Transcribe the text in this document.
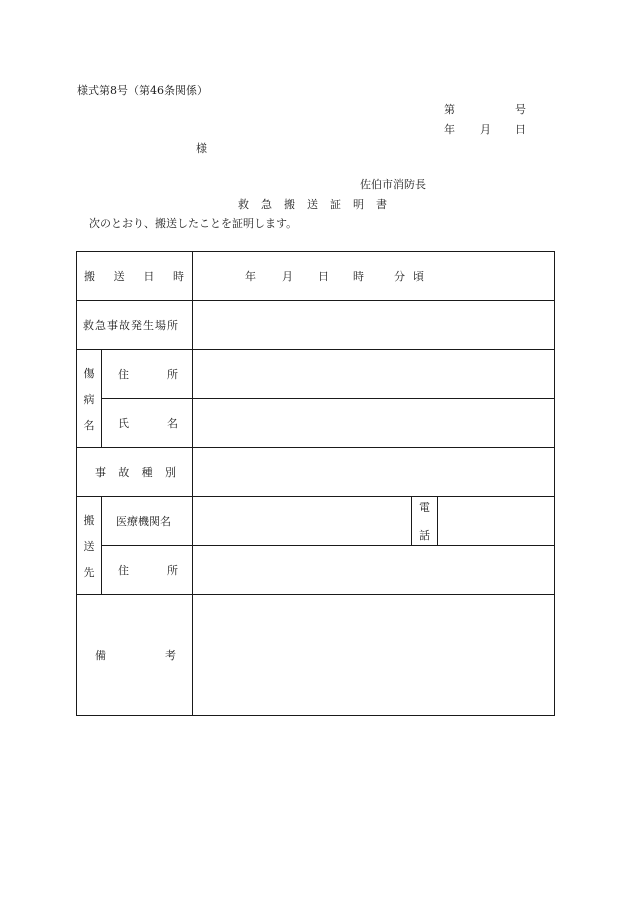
様式第8号（第46条関係）
第	号
年 月 日
様
佐伯市消防長
救急搬送証明書
次のとおり、搬送したことを証明します。
搬 送 日 時		年 月 日 時 分 頃		

救急事故発生場所				

傷
病
名	住 所			

	氏 名			

事 故 種 別				

搬
送
先	医療機関名		電
話	

	住 所			

備 考				
